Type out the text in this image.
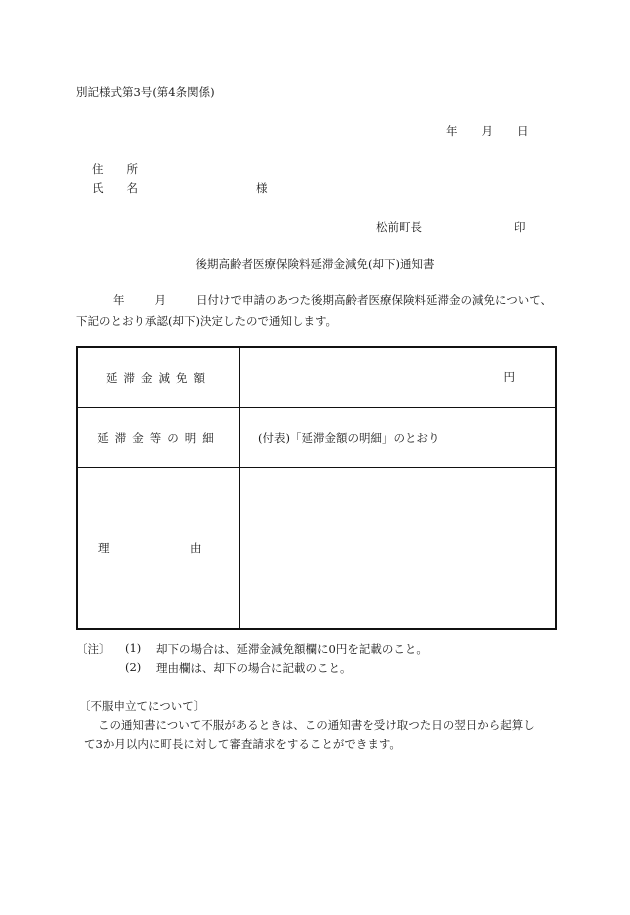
別記様式第3号(第4条関係)
年 月 日
住　　所
氏　　名	様
松前町長	印
後期高齢者医療保険料延滞金減免(却下)通知書
年	月	日付けで申請のあつた後期高齢者医療保険料延滞金の減免について、
下記のとおり承認(却下)決定したので通知します。
延滞金減免額	円

延滞金等の明細	(付表)「延滞金額の明細」のとおり
理 由	
〔注〕 (1) 却下の場合は、延滞金減免額欄に0円を記載のこと。
(2) 理由欄は、却下の場合に記載のこと。
〔不服申立てについて〕
この通知書について不服があるときは、この通知書を受け取つた日の翌日から起算し
て3か月以内に町長に対して審査請求をすることができます。
